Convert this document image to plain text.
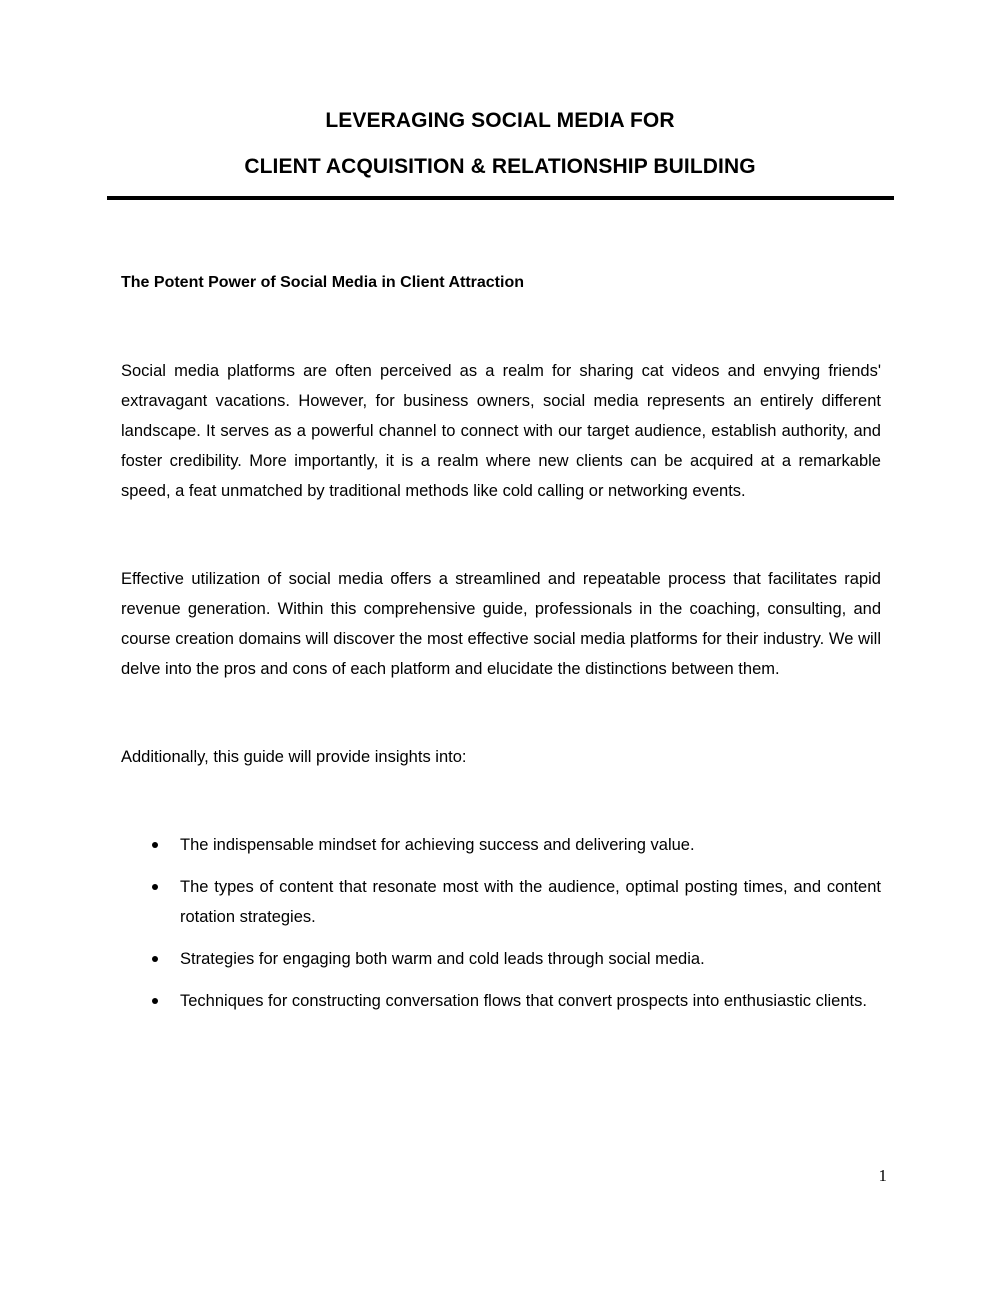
LEVERAGING SOCIAL MEDIA FOR
CLIENT ACQUISITION & RELATIONSHIP BUILDING
The Potent Power of Social Media in Client Attraction

Social media platforms are often perceived as a realm for sharing cat videos and envying friends' extravagant vacations. However, for business owners, social media represents an entirely different landscape. It serves as a powerful channel to connect with our target audience, establish authority, and foster credibility. More importantly, it is a realm where new clients can be acquired at a remarkable speed, a feat unmatched by traditional methods like cold calling or networking events.

Effective utilization of social media offers a streamlined and repeatable process that facilitates rapid revenue generation. Within this comprehensive guide, professionals in the coaching, consulting, and course creation domains will discover the most effective social media platforms for their industry. We will delve into the pros and cons of each platform and elucidate the distinctions between them.

Additionally, this guide will provide insights into:

The indispensable mindset for achieving success and delivering value.
The types of content that resonate most with the audience, optimal posting times, and content rotation strategies.
Strategies for engaging both warm and cold leads through social media.
Techniques for constructing conversation flows that convert prospects into enthusiastic clients.
1
